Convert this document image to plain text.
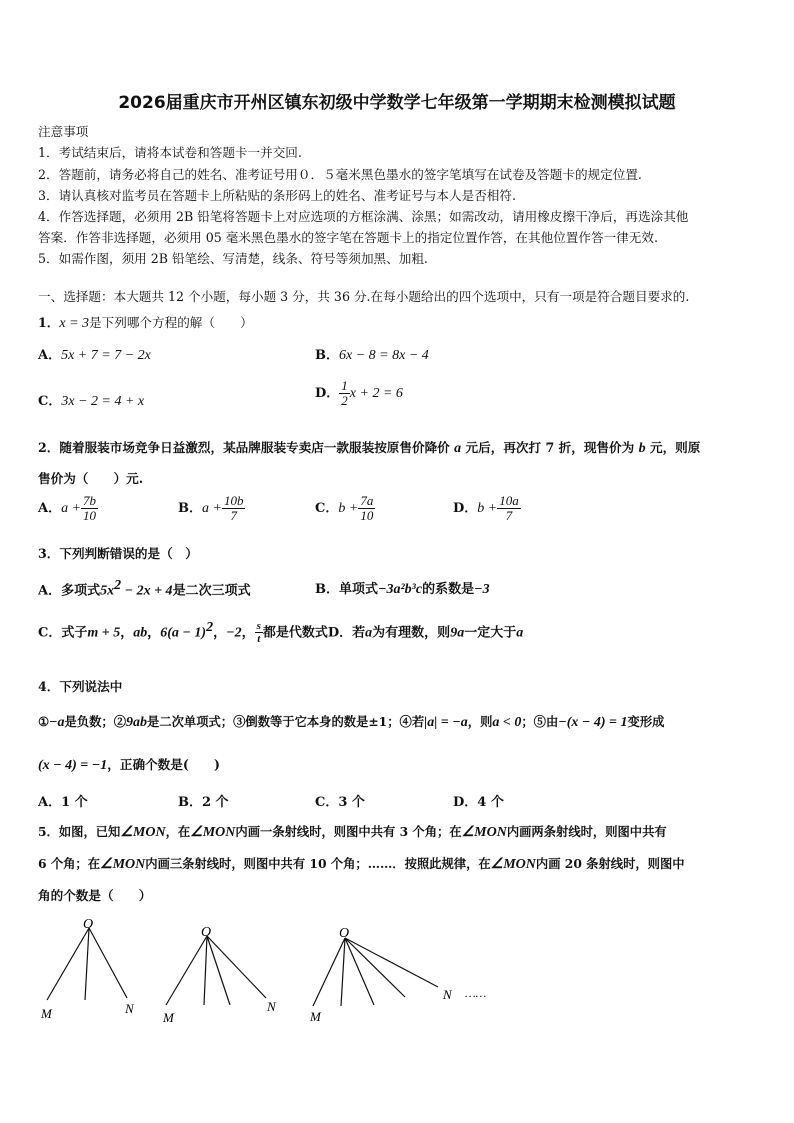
2026届重庆市开州区镇东初级中学数学七年级第一学期期末检测模拟试题
注意事项
1．考试结束后，请将本试卷和答题卡一并交回.
2．答题前，请务必将自己的姓名、准考证号用０．５毫米黑色墨水的签字笔填写在试卷及答题卡的规定位置.
3．请认真核对监考员在答题卡上所粘贴的条形码上的姓名、准考证号与本人是否相符.
4．作答选择题，必须用 2B 铅笔将答题卡上对应选项的方框涂满、涂黑；如需改动，请用橡皮擦干净后，再选涂其他
答案．作答非选择题，必须用 05 毫米黑色墨水的签字笔在答题卡上的指定位置作答，在其他位置作答一律无效.
5．如需作图，须用 2B 铅笔绘、写清楚，线条、符号等须加黑、加粗.
一、选择题：本大题共 12 个小题，每小题 3 分，共 36 分.在每小题给出的四个选项中，只有一项是符合题目要求的.
1．x = 3是下列哪个方程的解（　　）
A．5x + 7 = 7 − 2x	B．6x − 8 = 8x − 4
C．3x − 2 = 4 + x
D． $\frac{1}{2}$ x + 2 = 6
2．随着服装市场竞争日益激烈，某品牌服装专卖店一款服装按原售价降价 a 元后，再次打 7 折，现售价为 b 元，则原
售价为（　　）元.
A．$a + \frac{7b}{10}$	B．$a + \frac{10b}{7}$	C．$b + \frac{7a}{10}$	D．$b + \frac{10a}{7}$
3．下列判断错误的是（　）
A．多项式$5x^2 - 2x + 4$是二次三项式	B．单项式−3a²b³c的系数是−3
C．式子m + 5，ab，$6(a - 1)^2$，−2， $\frac{s}{t}$ 都是代数式D．若a为有理数，则9a一定大于a
4．下列说法中
①−a是负数；②9ab是二次单项式；③倒数等于它本身的数是±1；④若|a| = −a，则a < 0；⑤由−(x − 4) = 1变形成
(x − 4) = −1，正确个数是(　　)
A．1 个	B．2 个	C．3 个	D．4 个
5．如图，已知∠MON，在∠MON内画一条射线时，则图中共有 3 个角；在∠MON内画两条射线时，则图中共有
6 个角；在∠MON内画三条射线时，则图中共有 10 个角；……．按照此规律，在∠MON内画 20 条射线时，则图中
角的个数是（　　）
O
M	N
O
M
N
O
M
N ……
